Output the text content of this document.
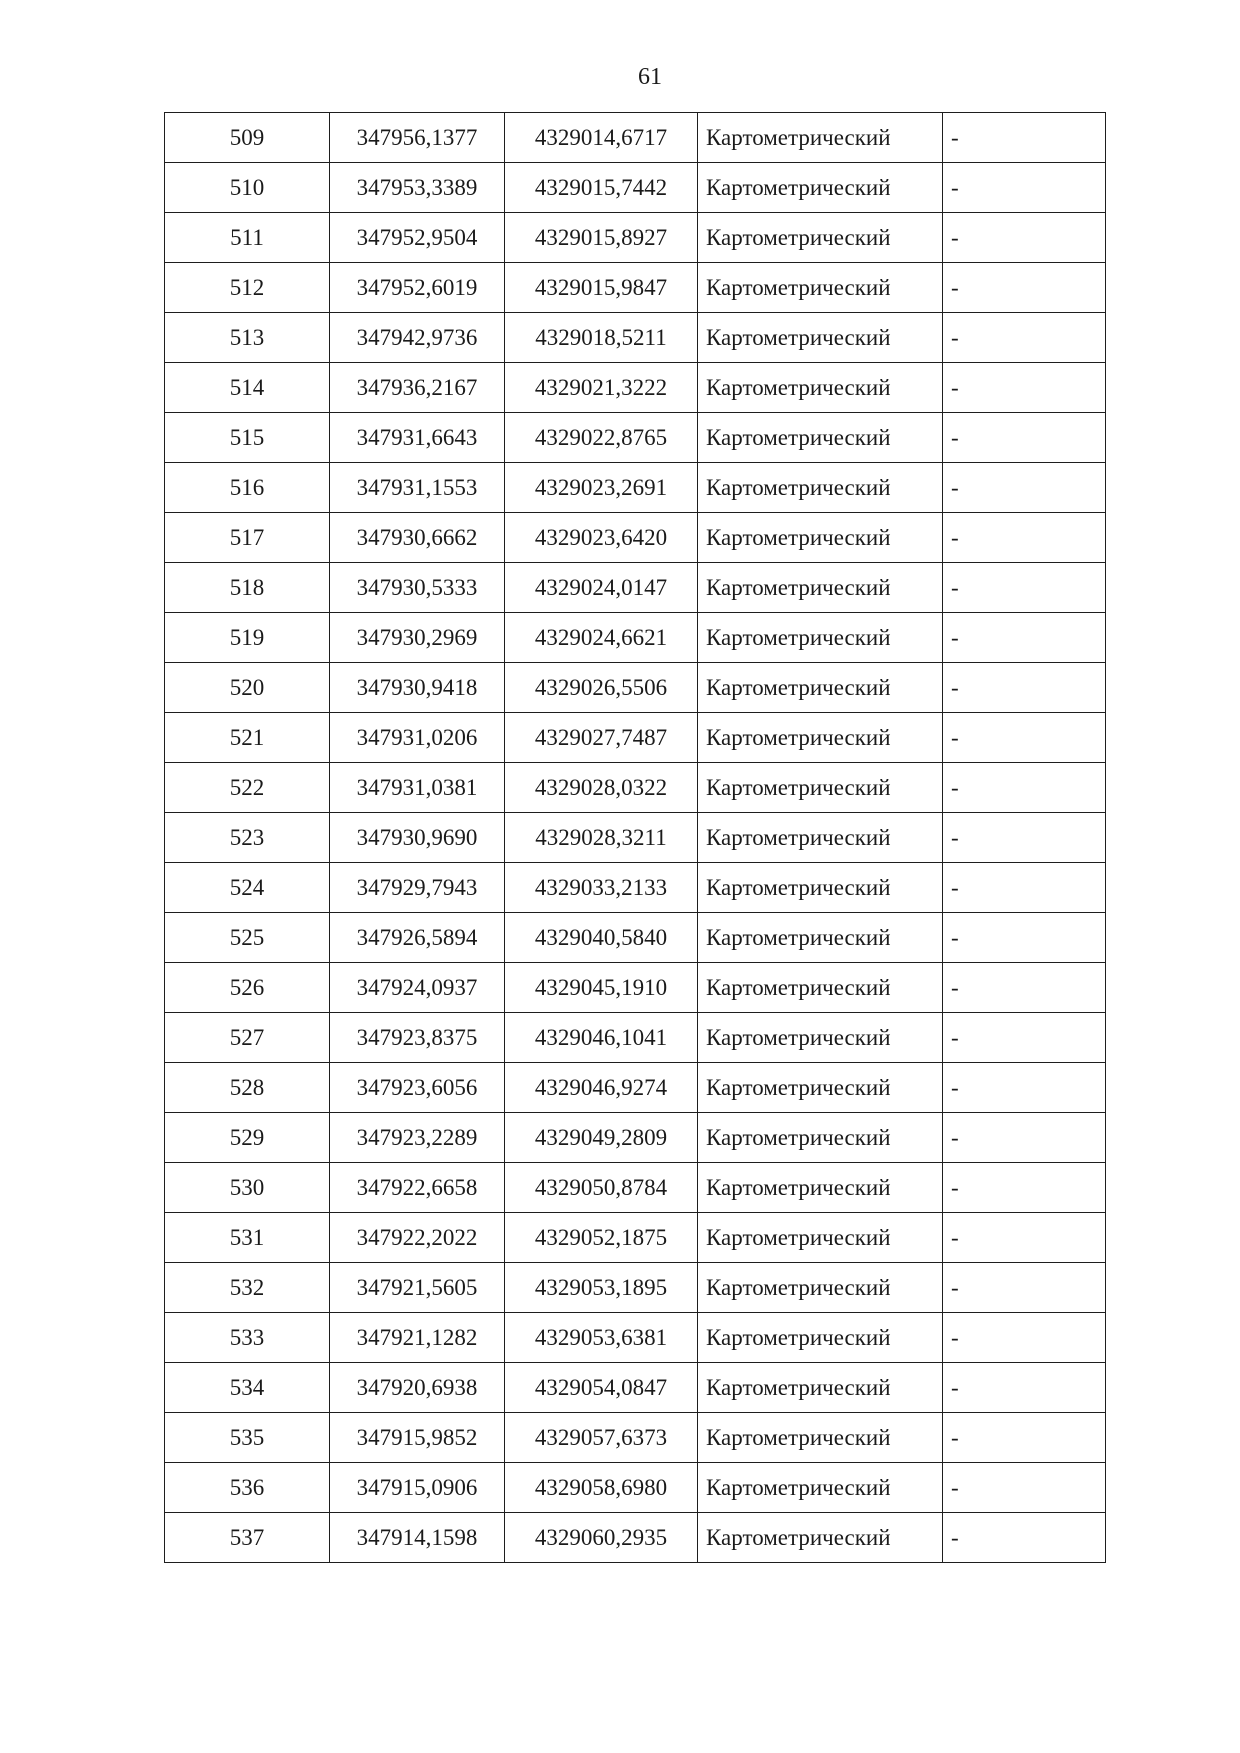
61
509	347956,1377	4329014,6717	Картометрический	-
510	347953,3389	4329015,7442	Картометрический	-
511	347952,9504	4329015,8927	Картометрический	-
512	347952,6019	4329015,9847	Картометрический	-
513	347942,9736	4329018,5211	Картометрический	-
514	347936,2167	4329021,3222	Картометрический	-
515	347931,6643	4329022,8765	Картометрический	-
516	347931,1553	4329023,2691	Картометрический	-
517	347930,6662	4329023,6420	Картометрический	-
518	347930,5333	4329024,0147	Картометрический	-
519	347930,2969	4329024,6621	Картометрический	-
520	347930,9418	4329026,5506	Картометрический	-
521	347931,0206	4329027,7487	Картометрический	-
522	347931,0381	4329028,0322	Картометрический	-
523	347930,9690	4329028,3211	Картометрический	-
524	347929,7943	4329033,2133	Картометрический	-
525	347926,5894	4329040,5840	Картометрический	-
526	347924,0937	4329045,1910	Картометрический	-
527	347923,8375	4329046,1041	Картометрический	-
528	347923,6056	4329046,9274	Картометрический	-
529	347923,2289	4329049,2809	Картометрический	-
530	347922,6658	4329050,8784	Картометрический	-
531	347922,2022	4329052,1875	Картометрический	-
532	347921,5605	4329053,1895	Картометрический	-
533	347921,1282	4329053,6381	Картометрический	-
534	347920,6938	4329054,0847	Картометрический	-
535	347915,9852	4329057,6373	Картометрический	-
536	347915,0906	4329058,6980	Картометрический	-
537	347914,1598	4329060,2935	Картометрический	-
